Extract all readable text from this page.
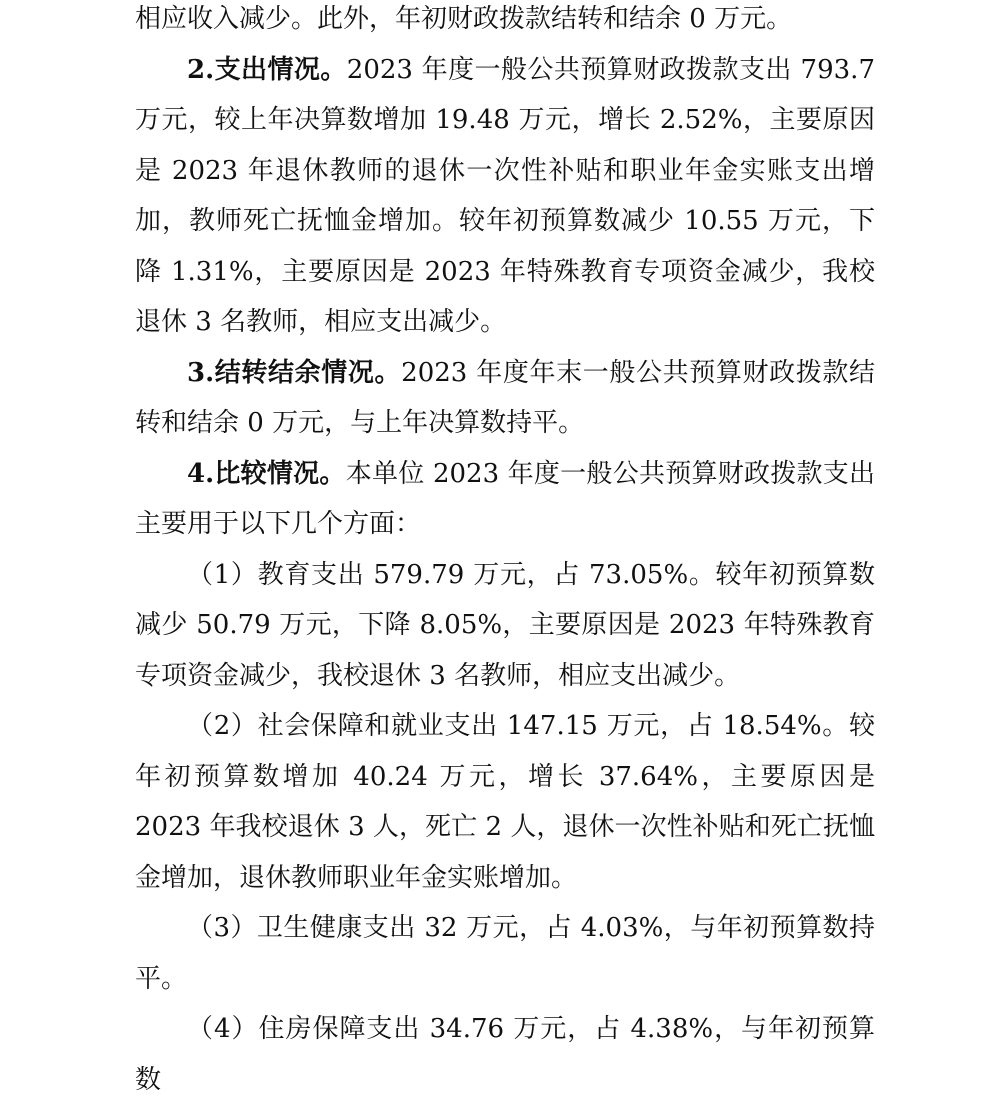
相应收入减少。此外，年初财政拨款结转和结余 0 万元。

2.支出情况。2023 年度一般公共预算财政拨款支出 793.7 万元，较上年决算数增加 19.48 万元，增长 2.52%，主要原因是 2023 年退休教师的退休一次性补贴和职业年金实账支出增加，教师死亡抚恤金增加。较年初预算数减少 10.55 万元，下降 1.31%，主要原因是 2023 年特殊教育专项资金减少，我校退休 3 名教师，相应支出减少。

3.结转结余情况。2023 年度年末一般公共预算财政拨款结转和结余 0 万元，与上年决算数持平。

4.比较情况。本单位 2023 年度一般公共预算财政拨款支出主要用于以下几个方面：

（1）教育支出 579.79 万元，占 73.05%。较年初预算数减少 50.79 万元，下降 8.05%，主要原因是 2023 年特殊教育专项资金减少，我校退休 3 名教师，相应支出减少。

（2）社会保障和就业支出 147.15 万元，占 18.54%。较年初预算数增加 40.24 万元，增长 37.64%，主要原因是 2023 年我校退休 3 人，死亡 2 人，退休一次性补贴和死亡抚恤金增加，退休教师职业年金实账增加。

（3）卫生健康支出 32 万元，占 4.03%，与年初预算数持平。

（4）住房保障支出 34.76 万元，占 4.38%，与年初预算数
